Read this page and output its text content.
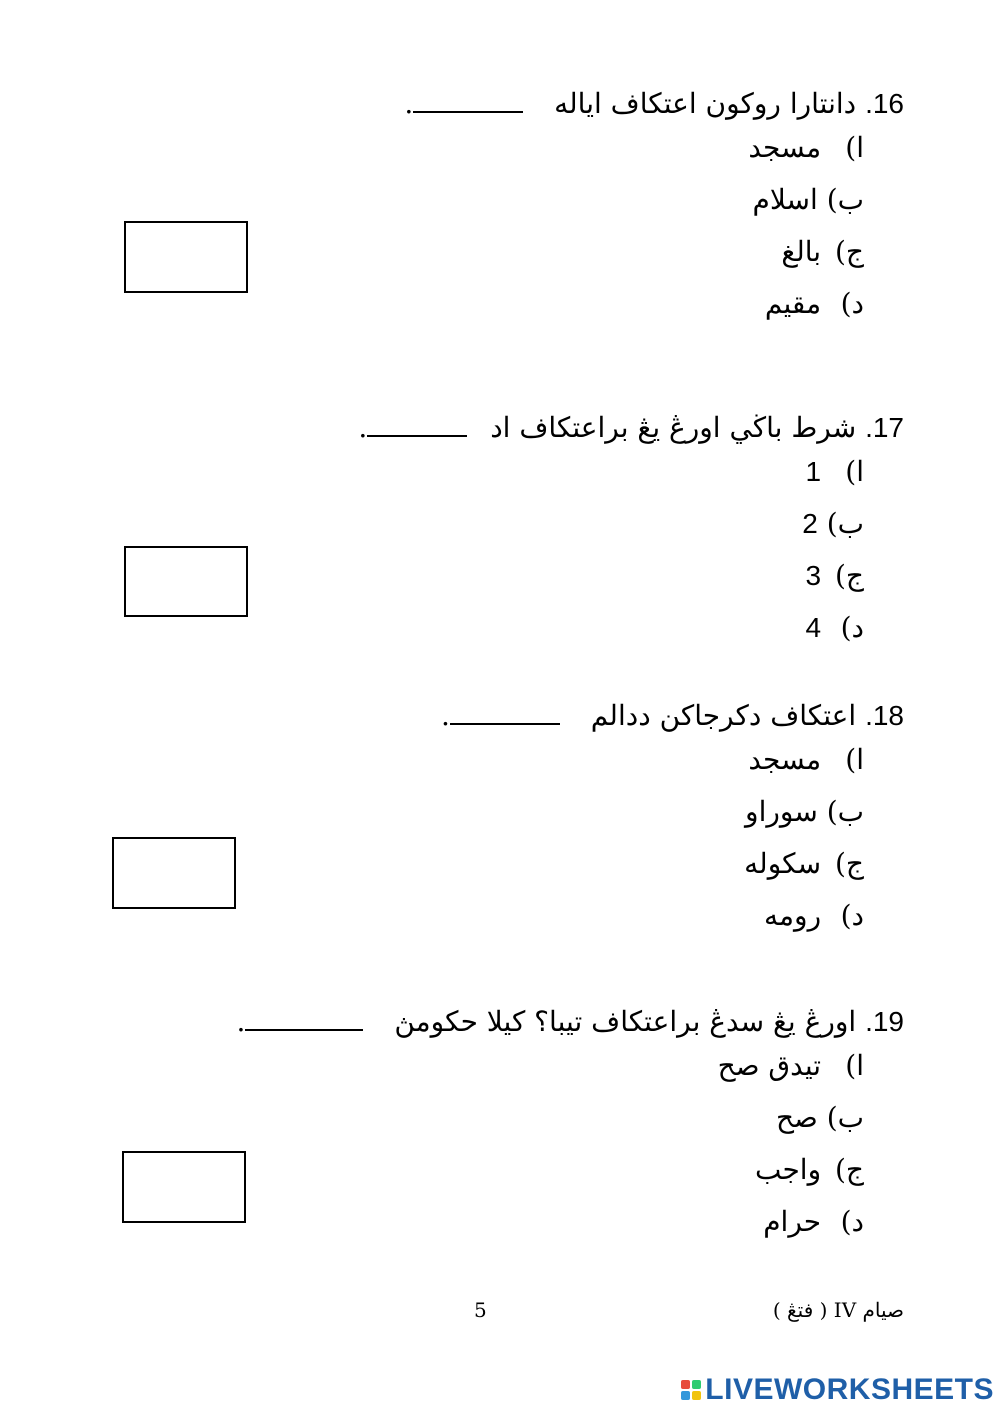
16. دانتارا روكون اعتكاف اياله .
ا) مسجد
ب) اسلام
ج) بالغ
د) مقيم
17. شرط باڬي اورڠ يڠ براعتكاف اد .
ا) 1
ب) 2
ج) 3
د) 4
18. اعتكاف دكرجاكن ددالم .
ا) مسجد
ب) سوراو
ج) سكوله
د) رومه
19. اورڠ يڠ سدڠ براعتكاف تيبا؟ كيلا حكومڽ .
ا) تيدق صح
ب) صح
ج) واجب
د) حرام
5	صيام IV ( فتڠ )
LIVEWORKSHEETS
